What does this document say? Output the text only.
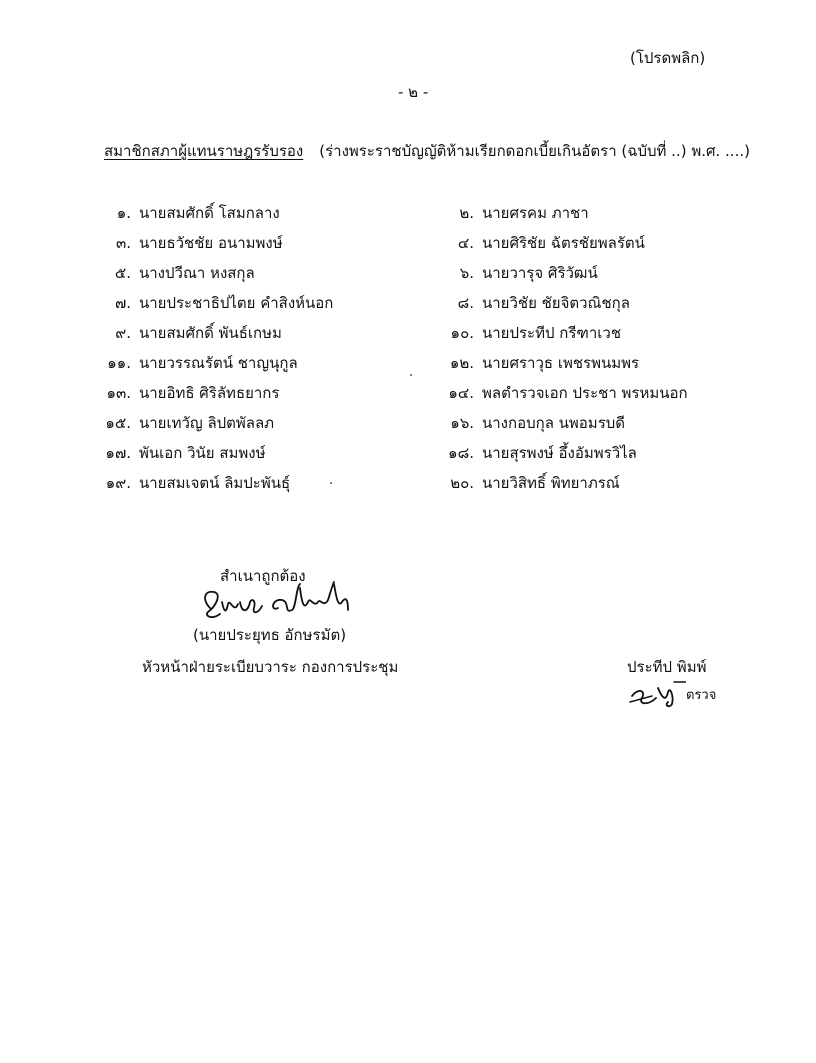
(โปรดพลิก)
- ๒ -
สมาชิกสภาผู้แทนราษฎรรับรอง (ร่างพระราชบัญญัติห้ามเรียกดอกเบี้ยเกินอัตรา (ฉบับที่ ..) พ.ศ. ....)
๑. นายสมศักดิ์ โสมกลาง	๒. นายศรคม ภาชา
๓. นายธวัชชัย อนามพงษ์	๔. นายศิริชัย ฉัตรชัยพลรัตน์
๕. นางปวีณา หงสกุล	๖. นายวารุจ ศิริวัฒน์
๗. นายประชาธิปไตย คำสิงห์นอก	๘. นายวิชัย ชัยจิตวณิชกุล
๙. นายสมศักดิ์ พันธ์เกษม	๑๐. นายประทีป กรีฑาเวช
๑๑. นายวรรณรัตน์ ชาญนุกูล	๑๒. นายศราวุธ เพชรพนมพร
๑๓. นายอิทธิ ศิริลัทธยากร	๑๔. พลตำรวจเอก ประชา พรหมนอก
๑๕. นายเทวัญ ลิปตพัลลภ	๑๖. นางกอบกุล นพอมรบดี
๑๗. พันเอก วินัย สมพงษ์	๑๘. นายสุรพงษ์ อึ้งอัมพรวิไล
๑๙. นายสมเจตน์ ลิมปะพันธุ์	๒๐. นายวิสิทธิ์ พิทยาภรณ์
สำเนาถูกต้อง
(นายประยุทธ อักษรมัต)
หัวหน้าฝ่ายระเบียบวาระ กองการประชุม	ประทีป พิมพ์
ตรวจ
